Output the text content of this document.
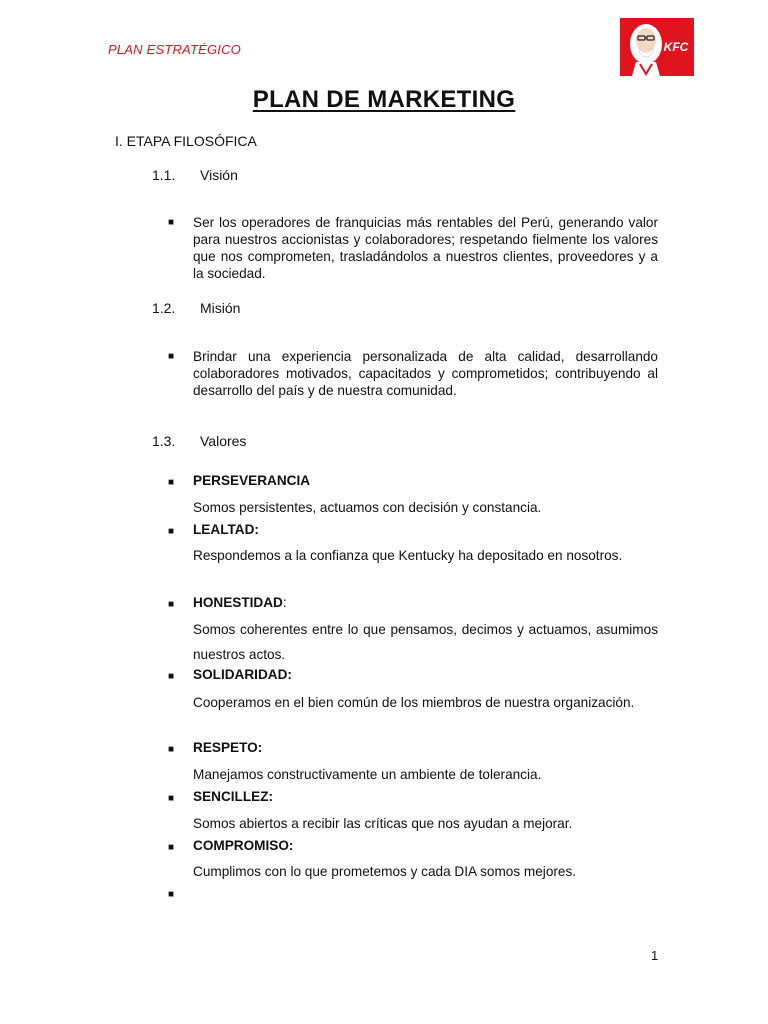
PLAN ESTRATÉGICO	KFC
PLAN DE MARKETING
I. ETAPA FILOSÓFICA
1.1. Visión
■ Ser los operadores de franquicias más rentables del Perú, generando valor para nuestros accionistas y colaboradores; respetando fielmente los valores que nos comprometen, trasladándolos a nuestros clientes, proveedores y a la sociedad.
1.2. Misión
■ Brindar una experiencia personalizada de alta calidad, desarrollando colaboradores motivados, capacitados y comprometidos; contribuyendo al desarrollo del país y de nuestra comunidad.
1.3. Valores
■ PERSEVERANCIA
Somos persistentes, actuamos con decisión y constancia.
■ LEALTAD:
Respondemos a la confianza que Kentucky ha depositado en nosotros.
■ HONESTIDAD:
Somos coherentes entre lo que pensamos, decimos y actuamos, asumimos nuestros actos.
■ SOLIDARIDAD:
Cooperamos en el bien común de los miembros de nuestra organización.
■ RESPETO:
Manejamos constructivamente un ambiente de tolerancia.
■ SENCILLEZ:
Somos abiertos a recibir las críticas que nos ayudan a mejorar.
■ COMPROMISO:
Cumplimos con lo que prometemos y cada DIA somos mejores.
■
1
